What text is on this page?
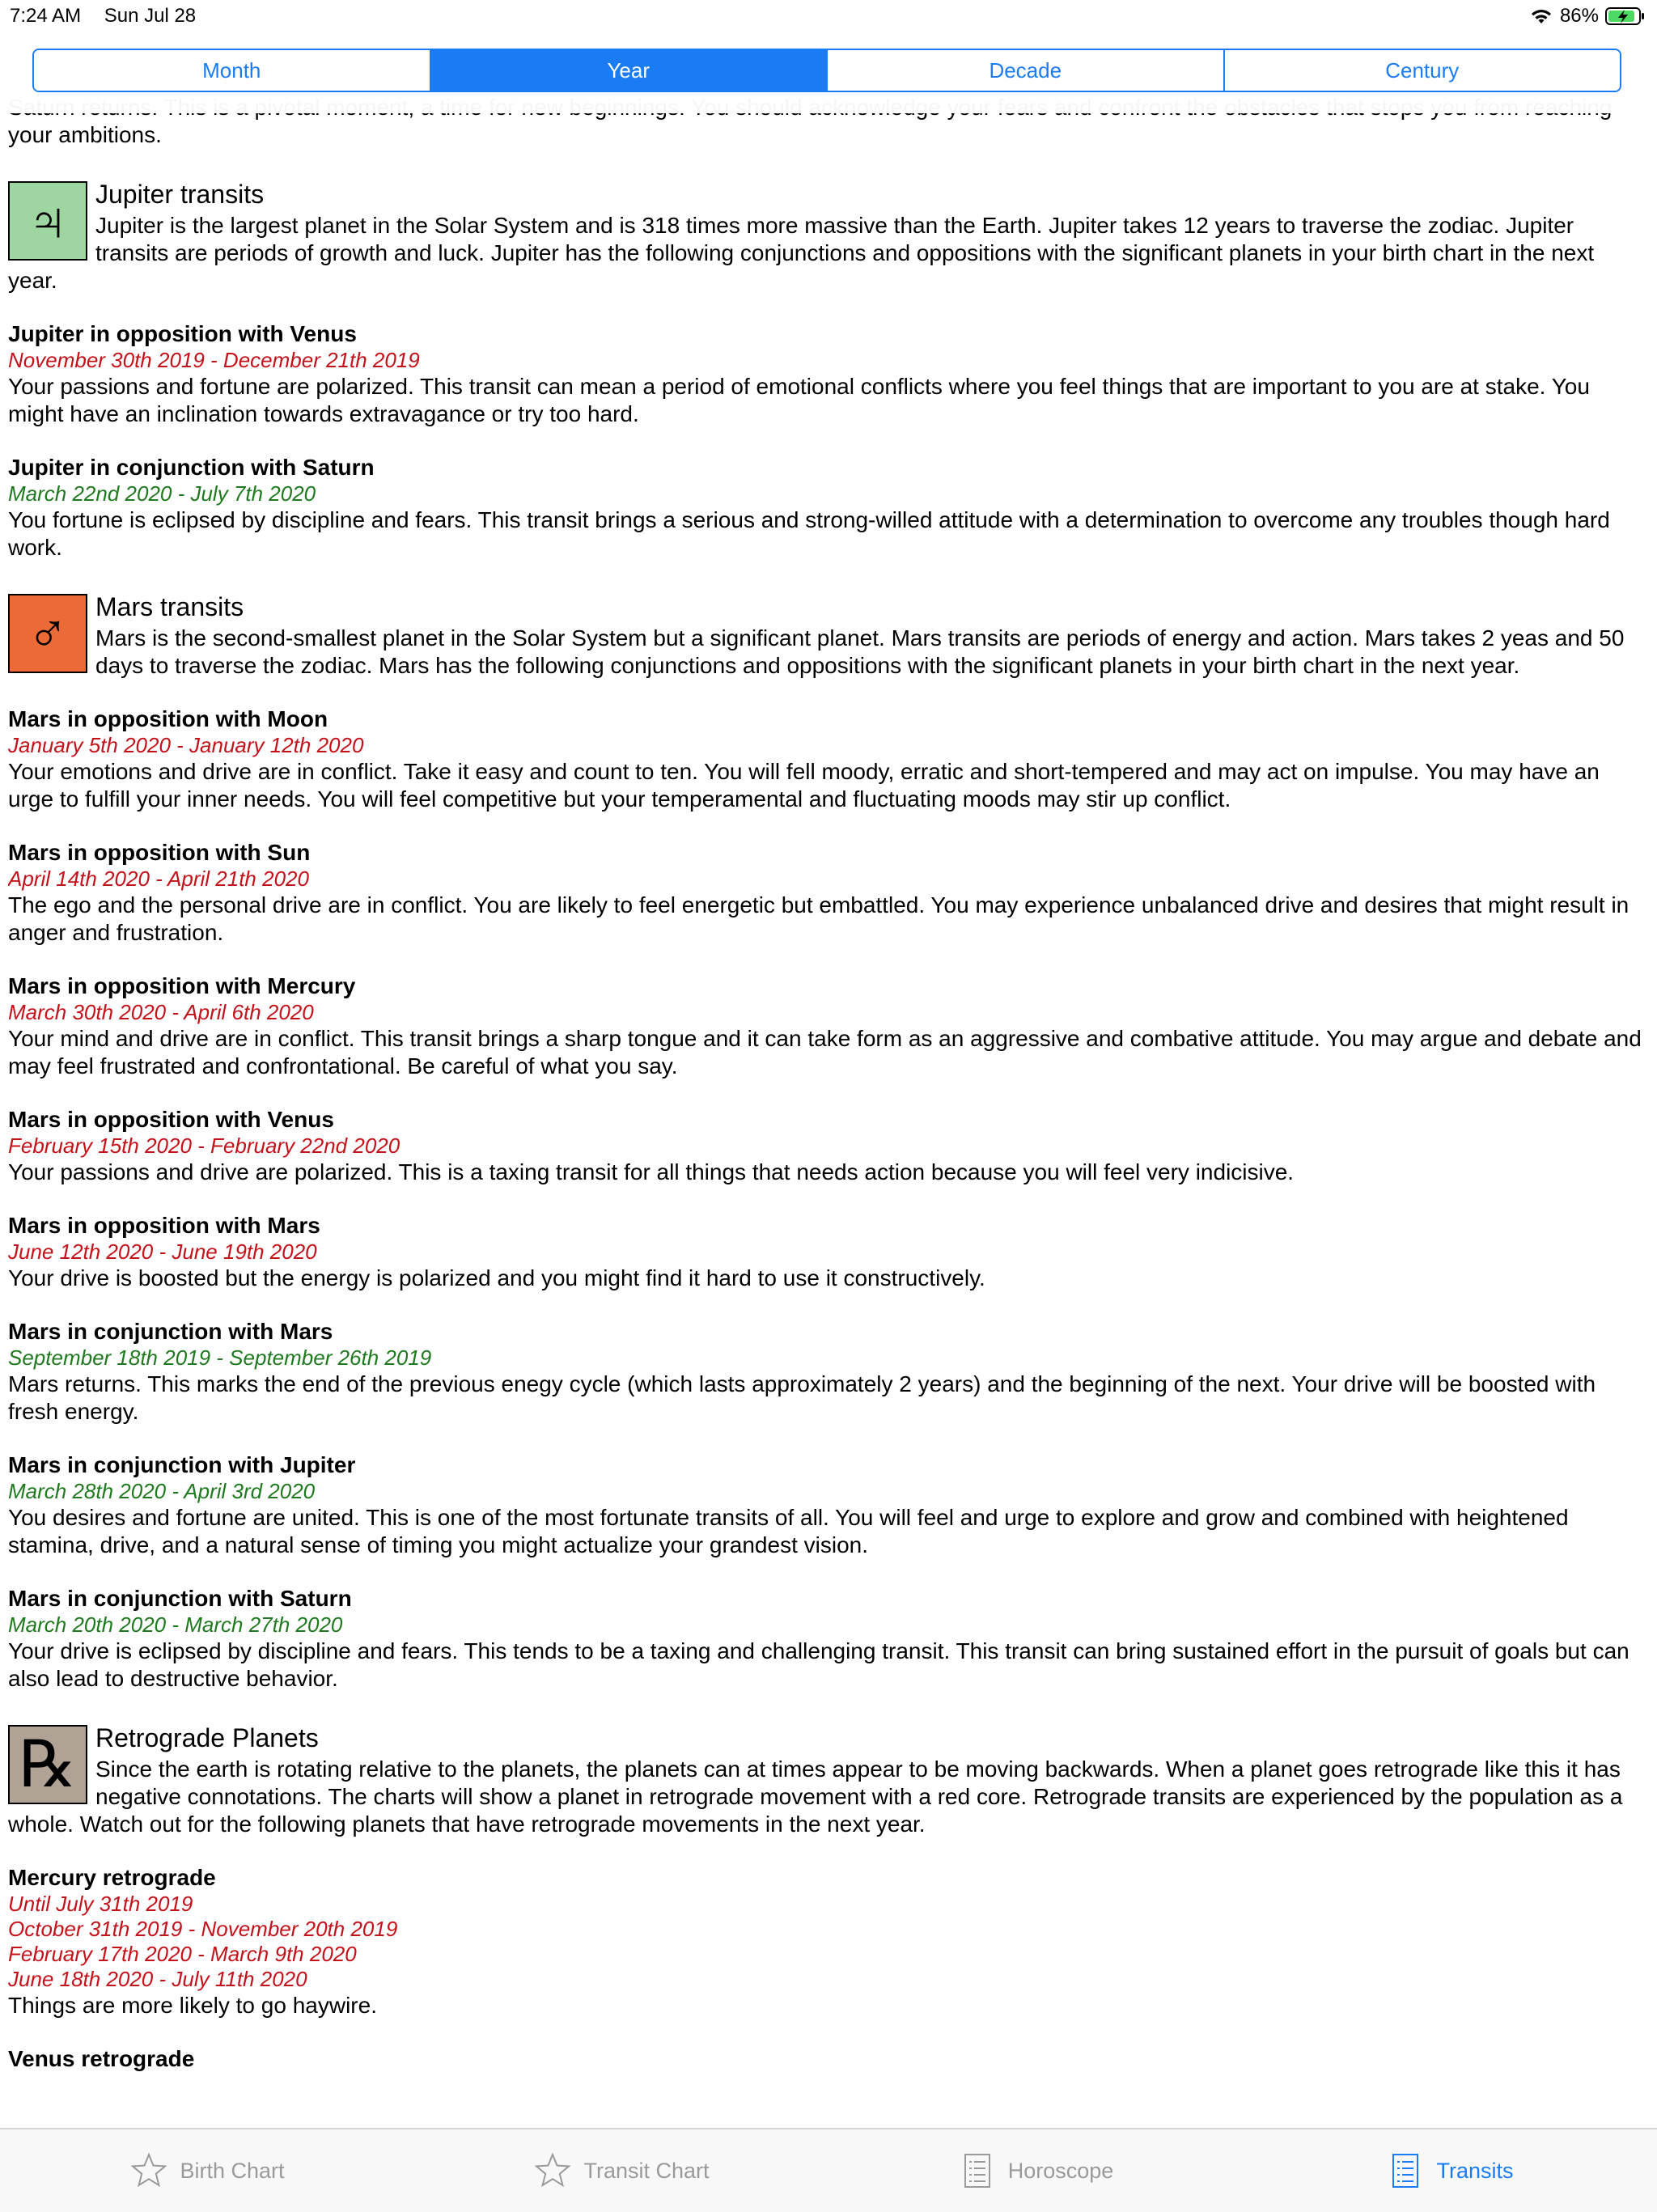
7:24 AM Sun Jul 28	86%
Month	Year	Decade	Century
your ambitions.
♃	Jupiter transits
Jupiter is the largest planet in the Solar System and is 318 times more massive than the Earth. Jupiter takes 12 years to traverse the zodiac. Jupiter transits are periods of growth and luck. Jupiter has the following conjunctions and oppositions with the significant planets in your birth chart in the next year.
Jupiter in opposition with Venus
November 30th 2019 - December 21th 2019
Your passions and fortune are polarized. This transit can mean a period of emotional conflicts where you feel things that are important to you are at stake. You might have an inclination towards extravagance or try too hard.
Jupiter in conjunction with Saturn
March 22nd 2020 - July 7th 2020
You fortune is eclipsed by discipline and fears. This transit brings a serious and strong-willed attitude with a determination to overcome any troubles though hard work.
♂	Mars transits
Mars is the second-smallest planet in the Solar System but a significant planet. Mars transits are periods of energy and action. Mars takes 2 yeas and 50 days to traverse the zodiac. Mars has the following conjunctions and oppositions with the significant planets in your birth chart in the next year.
Mars in opposition with Moon
January 5th 2020 - January 12th 2020
Your emotions and drive are in conflict. Take it easy and count to ten. You will fell moody, erratic and short-tempered and may act on impulse. You may have an urge to fulfill your inner needs. You will feel competitive but your temperamental and fluctuating moods may stir up conflict.
Mars in opposition with Sun
April 14th 2020 - April 21th 2020
The ego and the personal drive are in conflict. You are likely to feel energetic but embattled. You may experience unbalanced drive and desires that might result in anger and frustration.
Mars in opposition with Mercury
March 30th 2020 - April 6th 2020
Your mind and drive are in conflict. This transit brings a sharp tongue and it can take form as an aggressive and combative attitude. You may argue and debate and may feel frustrated and confrontational. Be careful of what you say.
Mars in opposition with Venus
February 15th 2020 - February 22nd 2020
Your passions and drive are polarized. This is a taxing transit for all things that needs action because you will feel very indicisive.
Mars in opposition with Mars
June 12th 2020 - June 19th 2020
Your drive is boosted but the energy is polarized and you might find it hard to use it constructively.
Mars in conjunction with Mars
September 18th 2019 - September 26th 2019
Mars returns. This marks the end of the previous enegy cycle (which lasts approximately 2 years) and the beginning of the next. Your drive will be boosted with fresh energy.
Mars in conjunction with Jupiter
March 28th 2020 - April 3rd 2020
You desires and fortune are united. This is one of the most fortunate transits of all. You will feel and urge to explore and grow and combined with heightened stamina, drive, and a natural sense of timing you might actualize your grandest vision.
Mars in conjunction with Saturn
March 20th 2020 - March 27th 2020
Your drive is eclipsed by discipline and fears. This tends to be a taxing and challenging transit. This transit can bring sustained effort in the pursuit of goals but can also lead to destructive behavior.
℞ Retrograde Planets
Since the earth is rotating relative to the planets, the planets can at times appear to be moving backwards. When a planet goes retrograde like this it has negative connotations. The charts will show a planet in retrograde movement with a red core. Retrograde transits are experienced by the population as a whole. Watch out for the following planets that have retrograde movements in the next year.
Mercury retrograde
Until July 31th 2019
October 31th 2019 - November 20th 2019
February 17th 2020 - March 9th 2020
June 18th 2020 - July 11th 2020
Things are more likely to go haywire.
Venus retrograde
Birth Chart	Transit Chart	Horoscope	Transits
